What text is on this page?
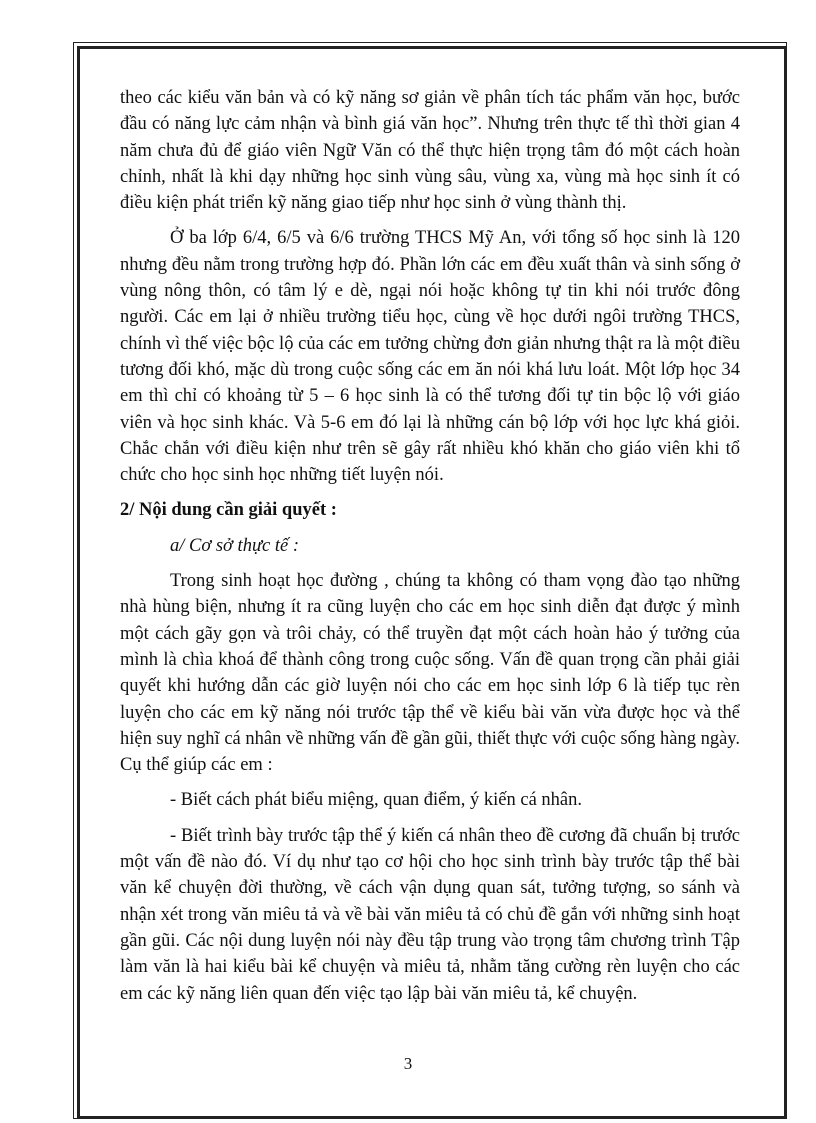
theo các kiểu văn bản và có kỹ năng sơ giản về phân tích tác phẩm văn học, bước đầu có năng lực cảm nhận và bình giá văn học”. Nhưng trên thực tế thì thời gian 4 năm chưa đủ để giáo viên Ngữ Văn có thể thực hiện trọng tâm đó một cách hoàn chỉnh, nhất là khi dạy những học sinh vùng sâu, vùng xa, vùng mà học sinh ít có điều kiện phát triển kỹ năng giao tiếp như học sinh ở vùng thành thị.

Ở ba lớp 6/4, 6/5 và 6/6 trường THCS Mỹ An, với tổng số học sinh là 120 nhưng đều nằm trong trường hợp đó. Phần lớn các em đều xuất thân và sinh sống ở vùng nông thôn, có tâm lý e dè, ngại nói hoặc không tự tin khi nói trước đông người. Các em lại ở nhiều trường tiểu học, cùng về học dưới ngôi trường THCS, chính vì thế việc bộc lộ của các em tưởng chừng đơn giản nhưng thật ra là một điều tương đối khó, mặc dù trong cuộc sống các em ăn nói khá lưu loát. Một lớp học 34 em thì chỉ có khoảng từ 5 – 6 học sinh là có thể tương đối tự tin bộc lộ với giáo viên và học sinh khác. Và 5-6 em đó lại là những cán bộ lớp với học lực khá giỏi. Chắc chắn với điều kiện như trên sẽ gây rất nhiều khó khăn cho giáo viên khi tổ chức cho học sinh học những tiết luyện nói.

2/ Nội dung cần giải quyết :

a/ Cơ sở thực tế :

Trong sinh hoạt học đường , chúng ta không có tham vọng đào tạo những nhà hùng biện, nhưng ít ra cũng luyện cho các em học sinh diễn đạt được ý mình một cách gãy gọn và trôi chảy, có thể truyền đạt một cách hoàn hảo ý tưởng của mình là chìa khoá để thành công trong cuộc sống. Vấn đề quan trọng cần phải giải quyết khi hướng dẫn các giờ luyện nói cho các em học sinh lớp 6 là tiếp tục rèn luyện cho các em kỹ năng nói trước tập thể về kiểu bài văn vừa được học và thể hiện suy nghĩ cá nhân về những vấn đề gần gũi, thiết thực với cuộc sống hàng ngày. Cụ thể giúp các em :

- Biết cách phát biểu miệng, quan điểm, ý kiến cá nhân.

- Biết trình bày trước tập thể ý kiến cá nhân theo đề cương đã chuẩn bị trước một vấn đề nào đó. Ví dụ như tạo cơ hội cho học sinh trình bày trước tập thể bài văn kể chuyện đời thường, về cách vận dụng quan sát, tưởng tượng, so sánh và nhận xét trong văn miêu tả và về bài văn miêu tả có chủ đề gắn với những sinh hoạt gần gũi. Các nội dung luyện nói này đều tập trung vào trọng tâm chương trình Tập làm văn là hai kiểu bài kể chuyện và miêu tả, nhằm tăng cường rèn luyện cho các em các kỹ năng liên quan đến việc tạo lập bài văn miêu tả, kể chuyện.

3
